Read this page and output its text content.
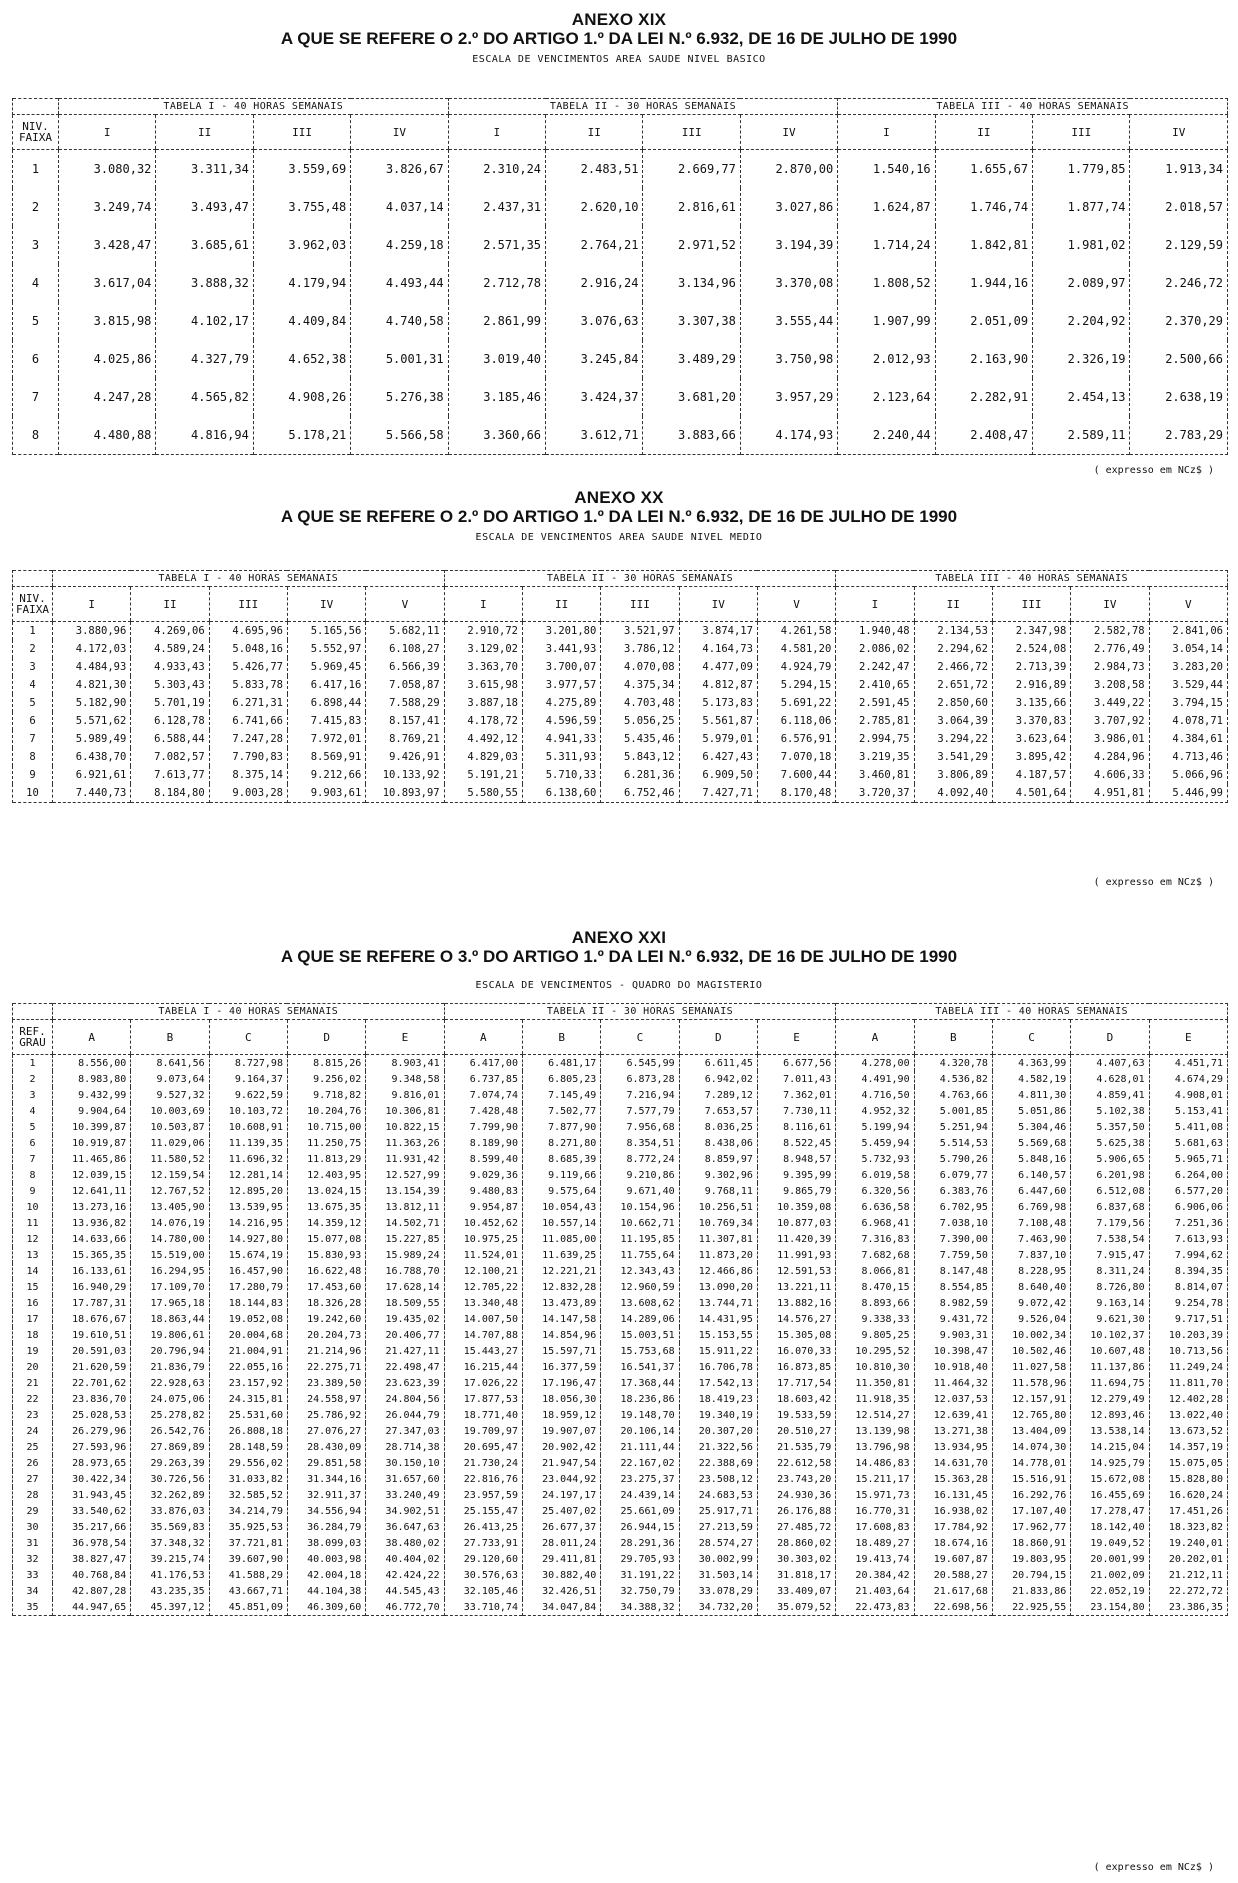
ANEXO XIX
A QUE SE REFERE O 2.º DO ARTIGO 1.º DA LEI N.º 6.932, DE 16 DE JULHO DE 1990
ESCALA DE VENCIMENTOS AREA SAUDE NIVEL BASICO
	TABELA I - 40 HORAS SEMANAIS				TABELA II - 30 HORAS SEMANAIS				TABELA III - 40 HORAS SEMANAIS			
NIV.
FAIXA	I	II	III	IV	I	II	III	IV	I	II	III	IV
1	3.080,32	3.311,34	3.559,69	3.826,67	2.310,24	2.483,51	2.669,77	2.870,00	1.540,16	1.655,67	1.779,85	1.913,34
2	3.249,74	3.493,47	3.755,48	4.037,14	2.437,31	2.620,10	2.816,61	3.027,86	1.624,87	1.746,74	1.877,74	2.018,57
3	3.428,47	3.685,61	3.962,03	4.259,18	2.571,35	2.764,21	2.971,52	3.194,39	1.714,24	1.842,81	1.981,02	2.129,59
4	3.617,04	3.888,32	4.179,94	4.493,44	2.712,78	2.916,24	3.134,96	3.370,08	1.808,52	1.944,16	2.089,97	2.246,72
5	3.815,98	4.102,17	4.409,84	4.740,58	2.861,99	3.076,63	3.307,38	3.555,44	1.907,99	2.051,09	2.204,92	2.370,29
6	4.025,86	4.327,79	4.652,38	5.001,31	3.019,40	3.245,84	3.489,29	3.750,98	2.012,93	2.163,90	2.326,19	2.500,66
7	4.247,28	4.565,82	4.908,26	5.276,38	3.185,46	3.424,37	3.681,20	3.957,29	2.123,64	2.282,91	2.454,13	2.638,19
8	4.480,88	4.816,94	5.178,21	5.566,58	3.360,66	3.612,71	3.883,66	4.174,93	2.240,44	2.408,47	2.589,11	2.783,29
( expresso em NCz$ )
ANEXO XX
A QUE SE REFERE O 2.º DO ARTIGO 1.º DA LEI N.º 6.932, DE 16 DE JULHO DE 1990
ESCALA DE VENCIMENTOS AREA SAUDE NIVEL MEDIO
	TABELA I - 40 HORAS SEMANAIS					TABELA II - 30 HORAS SEMANAIS					TABELA III - 40 HORAS SEMANAIS				
NIV.
FAIXA	I	II	III	IV	V	I	II	III	IV	V	I	II	III	IV	V
1	3.880,96	4.269,06	4.695,96	5.165,56	5.682,11	2.910,72	3.201,80	3.521,97	3.874,17	4.261,58	1.940,48	2.134,53	2.347,98	2.582,78	2.841,06
2	4.172,03	4.589,24	5.048,16	5.552,97	6.108,27	3.129,02	3.441,93	3.786,12	4.164,73	4.581,20	2.086,02	2.294,62	2.524,08	2.776,49	3.054,14
3	4.484,93	4.933,43	5.426,77	5.969,45	6.566,39	3.363,70	3.700,07	4.070,08	4.477,09	4.924,79	2.242,47	2.466,72	2.713,39	2.984,73	3.283,20
4	4.821,30	5.303,43	5.833,78	6.417,16	7.058,87	3.615,98	3.977,57	4.375,34	4.812,87	5.294,15	2.410,65	2.651,72	2.916,89	3.208,58	3.529,44
5	5.182,90	5.701,19	6.271,31	6.898,44	7.588,29	3.887,18	4.275,89	4.703,48	5.173,83	5.691,22	2.591,45	2.850,60	3.135,66	3.449,22	3.794,15
6	5.571,62	6.128,78	6.741,66	7.415,83	8.157,41	4.178,72	4.596,59	5.056,25	5.561,87	6.118,06	2.785,81	3.064,39	3.370,83	3.707,92	4.078,71
7	5.989,49	6.588,44	7.247,28	7.972,01	8.769,21	4.492,12	4.941,33	5.435,46	5.979,01	6.576,91	2.994,75	3.294,22	3.623,64	3.986,01	4.384,61
8	6.438,70	7.082,57	7.790,83	8.569,91	9.426,91	4.829,03	5.311,93	5.843,12	6.427,43	7.070,18	3.219,35	3.541,29	3.895,42	4.284,96	4.713,46
9	6.921,61	7.613,77	8.375,14	9.212,66	10.133,92	5.191,21	5.710,33	6.281,36	6.909,50	7.600,44	3.460,81	3.806,89	4.187,57	4.606,33	5.066,96
10	7.440,73	8.184,80	9.003,28	9.903,61	10.893,97	5.580,55	6.138,60	6.752,46	7.427,71	8.170,48	3.720,37	4.092,40	4.501,64	4.951,81	5.446,99
( expresso em NCz$ )
ANEXO XXI
A QUE SE REFERE O 3.º DO ARTIGO 1.º DA LEI N.º 6.932, DE 16 DE JULHO DE 1990
ESCALA DE VENCIMENTOS - QUADRO DO MAGISTERIO
	TABELA I - 40 HORAS SEMANAIS					TABELA II - 30 HORAS SEMANAIS					TABELA III - 40 HORAS SEMANAIS				
REF.
GRAU	A	B	C	D	E	A	B	C	D	E	A	B	C	D	E
1	8.556,00	8.641,56	8.727,98	8.815,26	8.903,41	6.417,00	6.481,17	6.545,99	6.611,45	6.677,56	4.278,00	4.320,78	4.363,99	4.407,63	4.451,71
2	8.983,80	9.073,64	9.164,37	9.256,02	9.348,58	6.737,85	6.805,23	6.873,28	6.942,02	7.011,43	4.491,90	4.536,82	4.582,19	4.628,01	4.674,29
3	9.432,99	9.527,32	9.622,59	9.718,82	9.816,01	7.074,74	7.145,49	7.216,94	7.289,12	7.362,01	4.716,50	4.763,66	4.811,30	4.859,41	4.908,01
4	9.904,64	10.003,69	10.103,72	10.204,76	10.306,81	7.428,48	7.502,77	7.577,79	7.653,57	7.730,11	4.952,32	5.001,85	5.051,86	5.102,38	5.153,41
5	10.399,87	10.503,87	10.608,91	10.715,00	10.822,15	7.799,90	7.877,90	7.956,68	8.036,25	8.116,61	5.199,94	5.251,94	5.304,46	5.357,50	5.411,08
6	10.919,87	11.029,06	11.139,35	11.250,75	11.363,26	8.189,90	8.271,80	8.354,51	8.438,06	8.522,45	5.459,94	5.514,53	5.569,68	5.625,38	5.681,63
7	11.465,86	11.580,52	11.696,32	11.813,29	11.931,42	8.599,40	8.685,39	8.772,24	8.859,97	8.948,57	5.732,93	5.790,26	5.848,16	5.906,65	5.965,71
8	12.039,15	12.159,54	12.281,14	12.403,95	12.527,99	9.029,36	9.119,66	9.210,86	9.302,96	9.395,99	6.019,58	6.079,77	6.140,57	6.201,98	6.264,00
9	12.641,11	12.767,52	12.895,20	13.024,15	13.154,39	9.480,83	9.575,64	9.671,40	9.768,11	9.865,79	6.320,56	6.383,76	6.447,60	6.512,08	6.577,20
10	13.273,16	13.405,90	13.539,95	13.675,35	13.812,11	9.954,87	10.054,43	10.154,96	10.256,51	10.359,08	6.636,58	6.702,95	6.769,98	6.837,68	6.906,06
11	13.936,82	14.076,19	14.216,95	14.359,12	14.502,71	10.452,62	10.557,14	10.662,71	10.769,34	10.877,03	6.968,41	7.038,10	7.108,48	7.179,56	7.251,36
12	14.633,66	14.780,00	14.927,80	15.077,08	15.227,85	10.975,25	11.085,00	11.195,85	11.307,81	11.420,39	7.316,83	7.390,00	7.463,90	7.538,54	7.613,93
13	15.365,35	15.519,00	15.674,19	15.830,93	15.989,24	11.524,01	11.639,25	11.755,64	11.873,20	11.991,93	7.682,68	7.759,50	7.837,10	7.915,47	7.994,62
14	16.133,61	16.294,95	16.457,90	16.622,48	16.788,70	12.100,21	12.221,21	12.343,43	12.466,86	12.591,53	8.066,81	8.147,48	8.228,95	8.311,24	8.394,35
15	16.940,29	17.109,70	17.280,79	17.453,60	17.628,14	12.705,22	12.832,28	12.960,59	13.090,20	13.221,11	8.470,15	8.554,85	8.640,40	8.726,80	8.814,07
16	17.787,31	17.965,18	18.144,83	18.326,28	18.509,55	13.340,48	13.473,89	13.608,62	13.744,71	13.882,16	8.893,66	8.982,59	9.072,42	9.163,14	9.254,78
17	18.676,67	18.863,44	19.052,08	19.242,60	19.435,02	14.007,50	14.147,58	14.289,06	14.431,95	14.576,27	9.338,33	9.431,72	9.526,04	9.621,30	9.717,51
18	19.610,51	19.806,61	20.004,68	20.204,73	20.406,77	14.707,88	14.854,96	15.003,51	15.153,55	15.305,08	9.805,25	9.903,31	10.002,34	10.102,37	10.203,39
19	20.591,03	20.796,94	21.004,91	21.214,96	21.427,11	15.443,27	15.597,71	15.753,68	15.911,22	16.070,33	10.295,52	10.398,47	10.502,46	10.607,48	10.713,56
20	21.620,59	21.836,79	22.055,16	22.275,71	22.498,47	16.215,44	16.377,59	16.541,37	16.706,78	16.873,85	10.810,30	10.918,40	11.027,58	11.137,86	11.249,24
21	22.701,62	22.928,63	23.157,92	23.389,50	23.623,39	17.026,22	17.196,47	17.368,44	17.542,13	17.717,54	11.350,81	11.464,32	11.578,96	11.694,75	11.811,70
22	23.836,70	24.075,06	24.315,81	24.558,97	24.804,56	17.877,53	18.056,30	18.236,86	18.419,23	18.603,42	11.918,35	12.037,53	12.157,91	12.279,49	12.402,28
23	25.028,53	25.278,82	25.531,60	25.786,92	26.044,79	18.771,40	18.959,12	19.148,70	19.340,19	19.533,59	12.514,27	12.639,41	12.765,80	12.893,46	13.022,40
24	26.279,96	26.542,76	26.808,18	27.076,27	27.347,03	19.709,97	19.907,07	20.106,14	20.307,20	20.510,27	13.139,98	13.271,38	13.404,09	13.538,14	13.673,52
25	27.593,96	27.869,89	28.148,59	28.430,09	28.714,38	20.695,47	20.902,42	21.111,44	21.322,56	21.535,79	13.796,98	13.934,95	14.074,30	14.215,04	14.357,19
26	28.973,65	29.263,39	29.556,02	29.851,58	30.150,10	21.730,24	21.947,54	22.167,02	22.388,69	22.612,58	14.486,83	14.631,70	14.778,01	14.925,79	15.075,05
27	30.422,34	30.726,56	31.033,82	31.344,16	31.657,60	22.816,76	23.044,92	23.275,37	23.508,12	23.743,20	15.211,17	15.363,28	15.516,91	15.672,08	15.828,80
28	31.943,45	32.262,89	32.585,52	32.911,37	33.240,49	23.957,59	24.197,17	24.439,14	24.683,53	24.930,36	15.971,73	16.131,45	16.292,76	16.455,69	16.620,24
29	33.540,62	33.876,03	34.214,79	34.556,94	34.902,51	25.155,47	25.407,02	25.661,09	25.917,71	26.176,88	16.770,31	16.938,02	17.107,40	17.278,47	17.451,26
30	35.217,66	35.569,83	35.925,53	36.284,79	36.647,63	26.413,25	26.677,37	26.944,15	27.213,59	27.485,72	17.608,83	17.784,92	17.962,77	18.142,40	18.323,82
31	36.978,54	37.348,32	37.721,81	38.099,03	38.480,02	27.733,91	28.011,24	28.291,36	28.574,27	28.860,02	18.489,27	18.674,16	18.860,91	19.049,52	19.240,01
32	38.827,47	39.215,74	39.607,90	40.003,98	40.404,02	29.120,60	29.411,81	29.705,93	30.002,99	30.303,02	19.413,74	19.607,87	19.803,95	20.001,99	20.202,01
33	40.768,84	41.176,53	41.588,29	42.004,18	42.424,22	30.576,63	30.882,40	31.191,22	31.503,14	31.818,17	20.384,42	20.588,27	20.794,15	21.002,09	21.212,11
34	42.807,28	43.235,35	43.667,71	44.104,38	44.545,43	32.105,46	32.426,51	32.750,79	33.078,29	33.409,07	21.403,64	21.617,68	21.833,86	22.052,19	22.272,72
35	44.947,65	45.397,12	45.851,09	46.309,60	46.772,70	33.710,74	34.047,84	34.388,32	34.732,20	35.079,52	22.473,83	22.698,56	22.925,55	23.154,80	23.386,35
( expresso em NCz$ )
